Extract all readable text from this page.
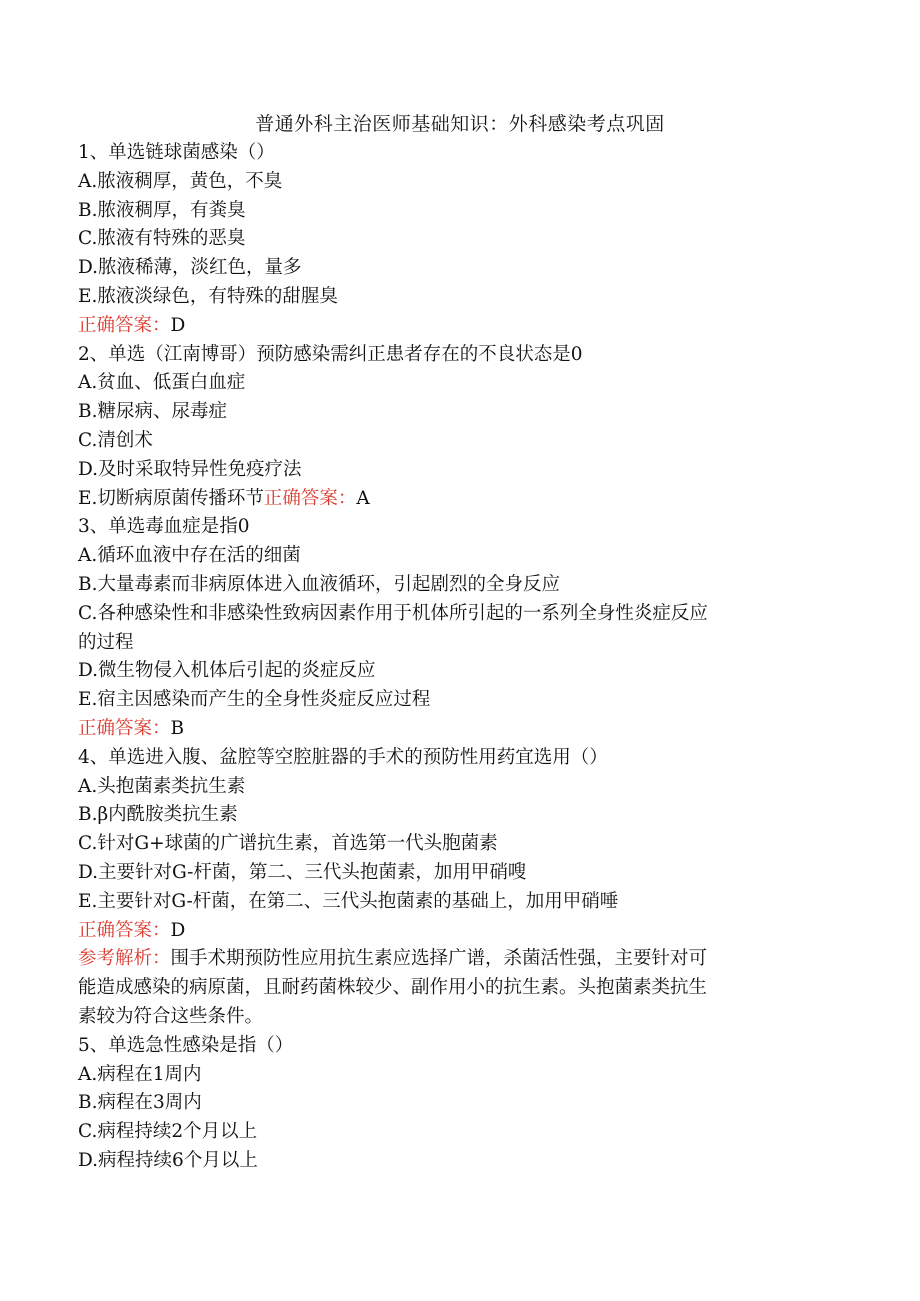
普通外科主治医师基础知识：外科感染考点巩固
1、单选链球菌感染（）
A.脓液稠厚，黄色，不臭
B.脓液稠厚，有粪臭
C.脓液有特殊的恶臭
D.脓液稀薄，淡红色，量多
E.脓液淡绿色，有特殊的甜腥臭
正确答案：D
2、单选（江南博哥）预防感染需纠正患者存在的不良状态是0
A.贫血、低蛋白血症
B.糖尿病、尿毒症
C.清创术
D.及时采取特异性免疫疗法
E.切断病原菌传播环节正确答案：A
3、单选毒血症是指0
A.循环血液中存在活的细菌
B.大量毒素而非病原体进入血液循环，引起剧烈的全身反应
C.各种感染性和非感染性致病因素作用于机体所引起的一系列全身性炎症反应
的过程
D.微生物侵入机体后引起的炎症反应
E.宿主因感染而产生的全身性炎症反应过程
正确答案：B
4、单选进入腹、盆腔等空腔脏器的手术的预防性用药宜选用（）
A.头抱菌素类抗生素
B.β内酰胺类抗生素
C.针对G+球菌的广谱抗生素，首选第一代头胞菌素
D.主要针对G-杆菌，第二、三代头抱菌素，加用甲硝嗖
E.主要针对G-杆菌，在第二、三代头抱菌素的基础上，加用甲硝唾
正确答案：D
参考解析：围手术期预防性应用抗生素应选择广谱，杀菌活性强，主要针对可
能造成感染的病原菌，且耐药菌株较少、副作用小的抗生素。头抱菌素类抗生
素较为符合这些条件。
5、单选急性感染是指（）
A.病程在1周内
B.病程在3周内
C.病程持续2个月以上
D.病程持续6个月以上
